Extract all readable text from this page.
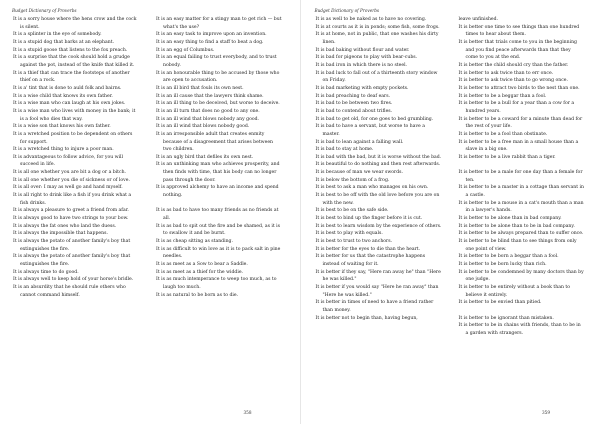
Budget Dictionary of Proverbs

It is a sorry house where the hens crow and the cock is silent.

It is a splinter in the eye of somebody.

It is a stupid dog that barks at an elephant.

It is a stupid goose that listens to the fox preach.

It is a surprise that the cook should hold a grudge against the pot, instead of the knife that killed it.

It is a thief that can trace the footsteps of another thief on a rock.

It is a' tint that is done to auld folk and bairns.

It is a wise child that knows its own father.

It is a wise man who can laugh at his own jokes.

It is a wise man who lives with money in the bank; it is a fool who dies that way.

It is a wise son that knows his own father.

It is a wretched position to be dependent on others for support.

It is a wretched thing to injure a poor man.

It is advantageous to follow advice, for you will succeed in life.

It is all one whether you are bit a dog or a bitch.

It is all one whether you die of sickness or of love.

It is all over: I may as well go and hand myself.

It is all right to drink like a fish if you drink what a fish drinks.

It is always a pleasure to greet a friend from afar.

It is always good to have two strings to your bow.

It is always the fat ones who land the duess.

It is always the impossible that happens.

It is always the potato of another family's boy that extinguishes the fire.

It is always the potato of another family's boy that extinguishes the fire.

It is always time to do good.

It is always well to keep hold of your horse's bridle.

It is an absurdity that he should rule others who cannot command himself.

It is an easy matter for a stingy man to get rich — but what's the use?

It is an easy task to improve upon an invention.

It is an easy thing to find a staff to beat a dog.

It is an egg of Columbus.

It is an equal failing to trust everybody, and to trust nobody.

It is an honourable thing to be accused by those who are open to accusation.

It is an ill bird that fouls its own nest.

It is an ill cause that the lawyers think shame.

It is an ill thing to be deceived, but worse to deceive.

It is an ill turn that does no good to any one.

It is an ill wind that blows nobody any good.

It is an ill wind that blows nobody good.

It is an irresponsible adult that creates enmity because of a disagreement that arises between two children.

It is an ugly bird that defiles its own nest.

It is an unthinking man who achieves prosperity, and then finds with time, that his body can no longer pass through the door.

It is approved alchemy to have an income and spend nothing.

It is as bad to have too many friends as no friends at all.

It is as bad to spit out the fire and be shamed, as it is to swallow it and be burnt.

It is as cheap sitting as standing.

It is as difficult to win love as it is to pack salt in pine needles.

It is as meet as a Sow to bear a Saddle.

It is as meet as a thief for the widdie.

It is as much intemperance to weep too much, as to laugh too much.

It is as natural to be born as to die.

358
Budget Dictionary of Proverbs

It is as well to be naked as to have no covering.

It is at courts as it is in ponds; some fish, some frogs.

It is at home, not in public, that one washes his dirty linen.

It is bad baking without flour and water.

It is bad for pigeons to play with bear-cubs.

It is bad iron in which there is no steel.

It is bad luck to fall out of a thirteenth story window on Friday.

It is bad marketing with empty pockets.

It is bad preaching to deaf ears.

It is bad to be between two fires.

It is bad to contend about trifles.

It is bad to get old, for one goes to bed grumbling.

It is bad to have a servant, but worse to have a master.

It is bad to lean against a falling wall.

It is bad to stay at home.

It is bad with the bad, but it is worse without the bad.

It is beautiful to do nothing and then rest afterwards.

It is because of man we wear swords.

It is below the bottom of a frog.

It is best to ask a man who manages on his own.

It is best to be off with the old love before you are on with the new.

It is best to be on the safe side.

It is best to bind up the finger before it is cut.

It is best to learn wisdom by the experience of others.

It is best to play with equals.

It is best to trust to two anchors.

It is better for the eyes to die than the heart.

It is better for us that the catastrophe happens instead of waiting for it.

It is better if they say, "Here ran away he" than "Here he was killed."

It is better if you would say "Here he ran away" than "Here he was killed."

It is better in times of need to have a friend rather than money.

It is better not to begin than, having begun,

leave unfinished.

It is better one time to see things than one hundred times to hear about them.

It is better that trials come to you in the beginning and you find peace afterwards than that they come to you at the end.

It is better the child should cry than the father.

It is better to ask twice than to err once.

It is better to ask twice than to go wrong once.

It is better to attract two birds to the nest than one.

It is better to be a beggar than a fool.

It is better to be a bull for a year than a cow for a hundred years.

It is better to be a coward for a minute than dead for the rest of your life.

It is better to be a fool than obstinate.

It is better to be a free man in a small house than a slave in a big one.

It is better to be a live rabbit than a tiger.

It is better to be a male for one day than a female for ten.

It is better to be a master in a cottage than servant in a castle.

It is better to be a mouse in a cat's mouth than a man in a lawyer's hands.

It is better to be alone than in bad company.

It is better to be alone than to be in bad company.

It is better to be always prepared than to suffer once.

It is better to be blind than to see things from only one point of view.

It is better to be born a beggar than a fool.

It is better to be born lucky than rich.

It is better to be condemned by many doctors than by one judge.

It is better to be entirely without a book than to believe it entirely.

It is better to be envied than pitied.

It is better to be ignorant than mistaken.

It is better to be in chains with friends, than to be in a garden with strangers.

359
